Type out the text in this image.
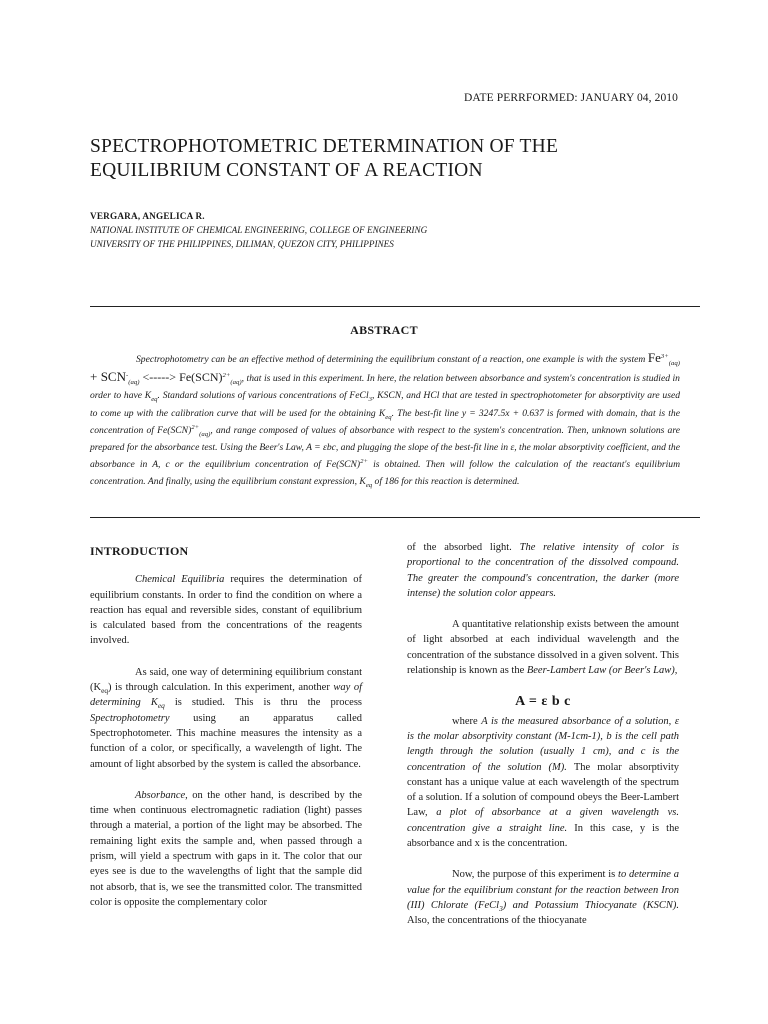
DATE PERRFORMED: JANUARY 04, 2010
SPECTROPHOTOMETRIC DETERMINATION OF THE
EQUILIBRIUM CONSTANT OF A REACTION
VERGARA, ANGELICA R.
NATIONAL INSTITUTE OF CHEMICAL ENGINEERING, COLLEGE OF ENGINEERING
UNIVERSITY OF THE PHILIPPINES, DILIMAN, QUEZON CITY, PHILIPPINES
ABSTRACT

Spectrophotometry can be an effective method of determining the equilibrium constant of a reaction, one example is with the system $Fe^{3+}_{(aq)} + SCN^-_{(aq)}$ <-----> Fe(SCN)$^{2+}_{(aq)}$, that is used in this experiment. In here, the relation between absorbance and system's concentration is studied in order to have $K_{eq}$. Standard solutions of various concentrations of FeCl$_3$, KSCN, and HCl that are tested in spectrophotometer for absorptivity are used to come up with the calibration curve that will be used for the obtaining $K_{eq}$. The best-fit line y = 3247.5x + 0.637 is formed with domain, that is the concentration of Fe(SCN)$^{2+}_{(aq)}$, and range composed of values of absorbance with respect to the system's concentration. Then, unknown solutions are prepared for the absorbance test. Using the Beer's Law, A = εbc, and plugging the slope of the best-fit line in ε, the molar absorptivity coefficient, and the absorbance in A, c or the equilibrium concentration of Fe(SCN)$^{2+}$ is obtained. Then will follow the calculation of the reactant's equilibrium concentration. And finally, using the equilibrium constant expression, $K_{eq}$ of 186 for this reaction is determined.

INTRODUCTION

Chemical Equilibria requires the determination of equilibrium constants. In order to find the condition on where a reaction has equal and reversible sides, constant of equilibrium is calculated based from the concentrations of the reagents involved.

As said, one way of determining equilibrium constant $(K_{eq})$ is through calculation. In this experiment, another way of determining $K_{eq}$ is studied. This is thru the process Spectrophotometry using an apparatus called Spectrophotometer. This machine measures the intensity as a function of a color, or specifically, a wavelength of light. The amount of light absorbed by the system is called the absorbance.

Absorbance, on the other hand, is described by the time when continuous electromagnetic radiation (light) passes through a material, a portion of the light may be absorbed. The remaining light exits the sample and, when passed through a prism, will yield a spectrum with gaps in it. The color that our eyes see is due to the wavelengths of light that the sample did not absorb, that is, we see the transmitted color. The transmitted color is opposite the complementary color

of the absorbed light. The relative intensity of color is proportional to the concentration of the dissolved compound. The greater the compound's concentration, the darker (more intense) the solution color appears.

A quantitative relationship exists between the amount of light absorbed at each individual wavelength and the concentration of the substance dissolved in a given solvent. This relationship is known as the Beer-Lambert Law (or Beer's Law),

A = ε b c

where A is the measured absorbance of a solution, ε is the molar absorptivity constant (M-1cm-1), b is the cell path length through the solution (usually 1 cm), and c is the concentration of the solution (M). The molar absorptivity constant has a unique value at each wavelength of the spectrum of a solution. If a solution of compound obeys the Beer-Lambert Law, a plot of absorbance at a given wavelength vs. concentration give a straight line. In this case, y is the absorbance and x is the concentration.

Now, the purpose of this experiment is to determine a value for the equilibrium constant for the reaction between Iron (III) Chlorate (FeCl$_3$) and Potassium Thiocyanate (KSCN). Also, the concentrations of the thiocyanate
